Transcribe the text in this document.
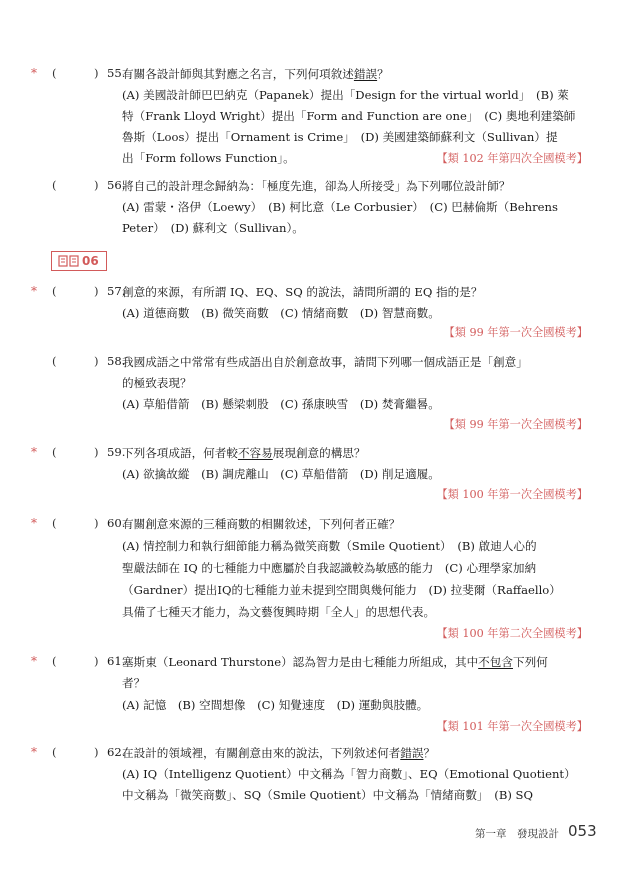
* (	) 55.
有關各設計師與其對應之名言，下列何項敘述錯誤？
(A) 美國設計師巴巴納克（Papanek）提出「Design for the virtual world」　(B) 萊
特（Frank Lloyd Wright）提出「Form and Function are one」　(C) 奧地利建築師
魯斯（Loos）提出「Ornament is Crime」　(D) 美國建築師蘇利文（Sullivan）提
出「Form follows Function」。	【類 102 年第四次全國模考】
(	) 56.
將自己的設計理念歸納為：「極度先進，卻為人所接受」為下列哪位設計師？
(A) 雷蒙・洛伊（Loewy）　(B) 柯比意（Le Corbusier）　(C) 巴赫倫斯（Behrens
Peter）　(D) 蘇利文（Sullivan）。
06
* (	) 57.
創意的來源，有所謂 IQ、EQ、SQ 的說法，請問所謂的 EQ 指的是？
(A) 道德商數　(B) 微笑商數　(C) 情緒商數　(D) 智慧商數。
【類 99 年第一次全國模考】
(	) 58.
我國成語之中常常有些成語出自於創意故事，請問下列哪一個成語正是「創意」
的極致表現？
(A) 草船借箭　(B) 懸梁刺股　(C) 孫康映雪　(D) 焚膏繼晷。
【類 99 年第一次全國模考】
* (	) 59.
下列各項成語，何者較不容易展現創意的構思？
(A) 欲擒故縱　(B) 調虎離山　(C) 草船借箭　(D) 削足適履。
【類 100 年第一次全國模考】
* (	) 60.
有關創意來源的三種商數的相關敘述，下列何者正確？
(A) 情控制力和執行細節能力稱為微笑商數（Smile Quotient）　(B) 啟迪人心的
聖嚴法師在 IQ 的七種能力中應屬於自我認識較為敏感的能力　(C) 心理學家加納
（Gardner）提出IQ的七種能力並未提到空間與幾何能力　(D) 拉斐爾（Raffaello）
具備了七種天才能力，為文藝復興時期「全人」的思想代表。
【類 100 年第二次全國模考】
* (	) 61.
塞斯東（Leonard Thurstone）認為智力是由七種能力所組成，其中不包含下列何
者？
(A) 記憶　(B) 空間想像　(C) 知覺速度　(D) 運動與肢體。
【類 101 年第一次全國模考】
* (	) 62.
在設計的領域裡，有關創意由來的說法，下列敘述何者錯誤？
(A) IQ（Intelligenz Quotient）中文稱為「智力商數」、EQ（Emotional Quotient）
中文稱為「微笑商數」、SQ（Smile Quotient）中文稱為「情緒商數」　(B) SQ
第一章　發現設計 053
